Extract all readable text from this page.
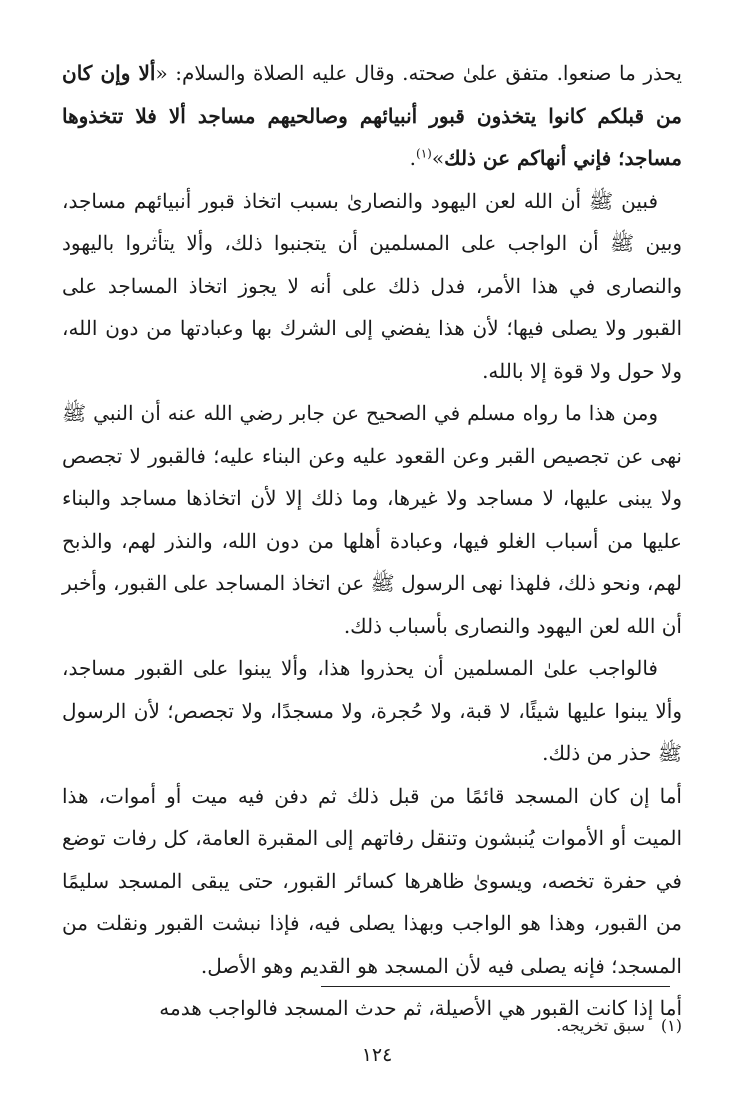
يحذر ما صنعوا. متفق علىٰ صحته. وقال عليه الصلاة والسلام: «ألا وإن كان من قبلكم كانوا يتخذون قبور أنبيائهم وصالحيهم مساجد ألا فلا تتخذوها مساجد؛ فإني أنهاكم عن ذلك»$^{(١)}$.

فبين ﷺ أن الله لعن اليهود والنصارىٰ بسبب اتخاذ قبور أنبيائهم مساجد، وبين ﷺ أن الواجب على المسلمين أن يتجنبوا ذلك، وألا يتأثروا باليهود والنصارى في هذا الأمر، فدل ذلك على أنه لا يجوز اتخاذ المساجد على القبور ولا يصلى فيها؛ لأن هذا يفضي إلى الشرك بها وعبادتها من دون الله، ولا حول ولا قوة إلا بالله.

ومن هذا ما رواه مسلم في الصحيح عن جابر رضي الله عنه أن النبي ﷺ نهى عن تجصيص القبر وعن القعود عليه وعن البناء عليه؛ فالقبور لا تجصص ولا يبنى عليها، لا مساجد ولا غيرها، وما ذلك إلا لأن اتخاذها مساجد والبناء عليها من أسباب الغلو فيها، وعبادة أهلها من دون الله، والنذر لهم، والذبح لهم، ونحو ذلك، فلهذا نهى الرسول ﷺ عن اتخاذ المساجد على القبور، وأخبر أن الله لعن اليهود والنصارى بأسباب ذلك.

فالواجب علىٰ المسلمين أن يحذروا هذا، وألا يبنوا على القبور مساجد، وألا يبنوا عليها شيئًا، لا قبة، ولا حُجرة، ولا مسجدًا، ولا تجصص؛ لأن الرسول ﷺ حذر من ذلك.

أما إن كان المسجد قائمًا من قبل ذلك ثم دفن فيه ميت أو أموات، هذا الميت أو الأموات يُنبشون وتنقل رفاتهم إلى المقبرة العامة، كل رفات توضع في حفرة تخصه، ويسوىٰ ظاهرها كسائر القبور، حتى يبقى المسجد سليمًا من القبور، وهذا هو الواجب وبهذا يصلى فيه، فإذا نبشت القبور ونقلت من المسجد؛ فإنه يصلى فيه لأن المسجد هو القديم وهو الأصل.

أما إذا كانت القبور هي الأصيلة، ثم حدث المسجد فالواجب هدمه

(١)سبق تخريجه.
١٢٤
